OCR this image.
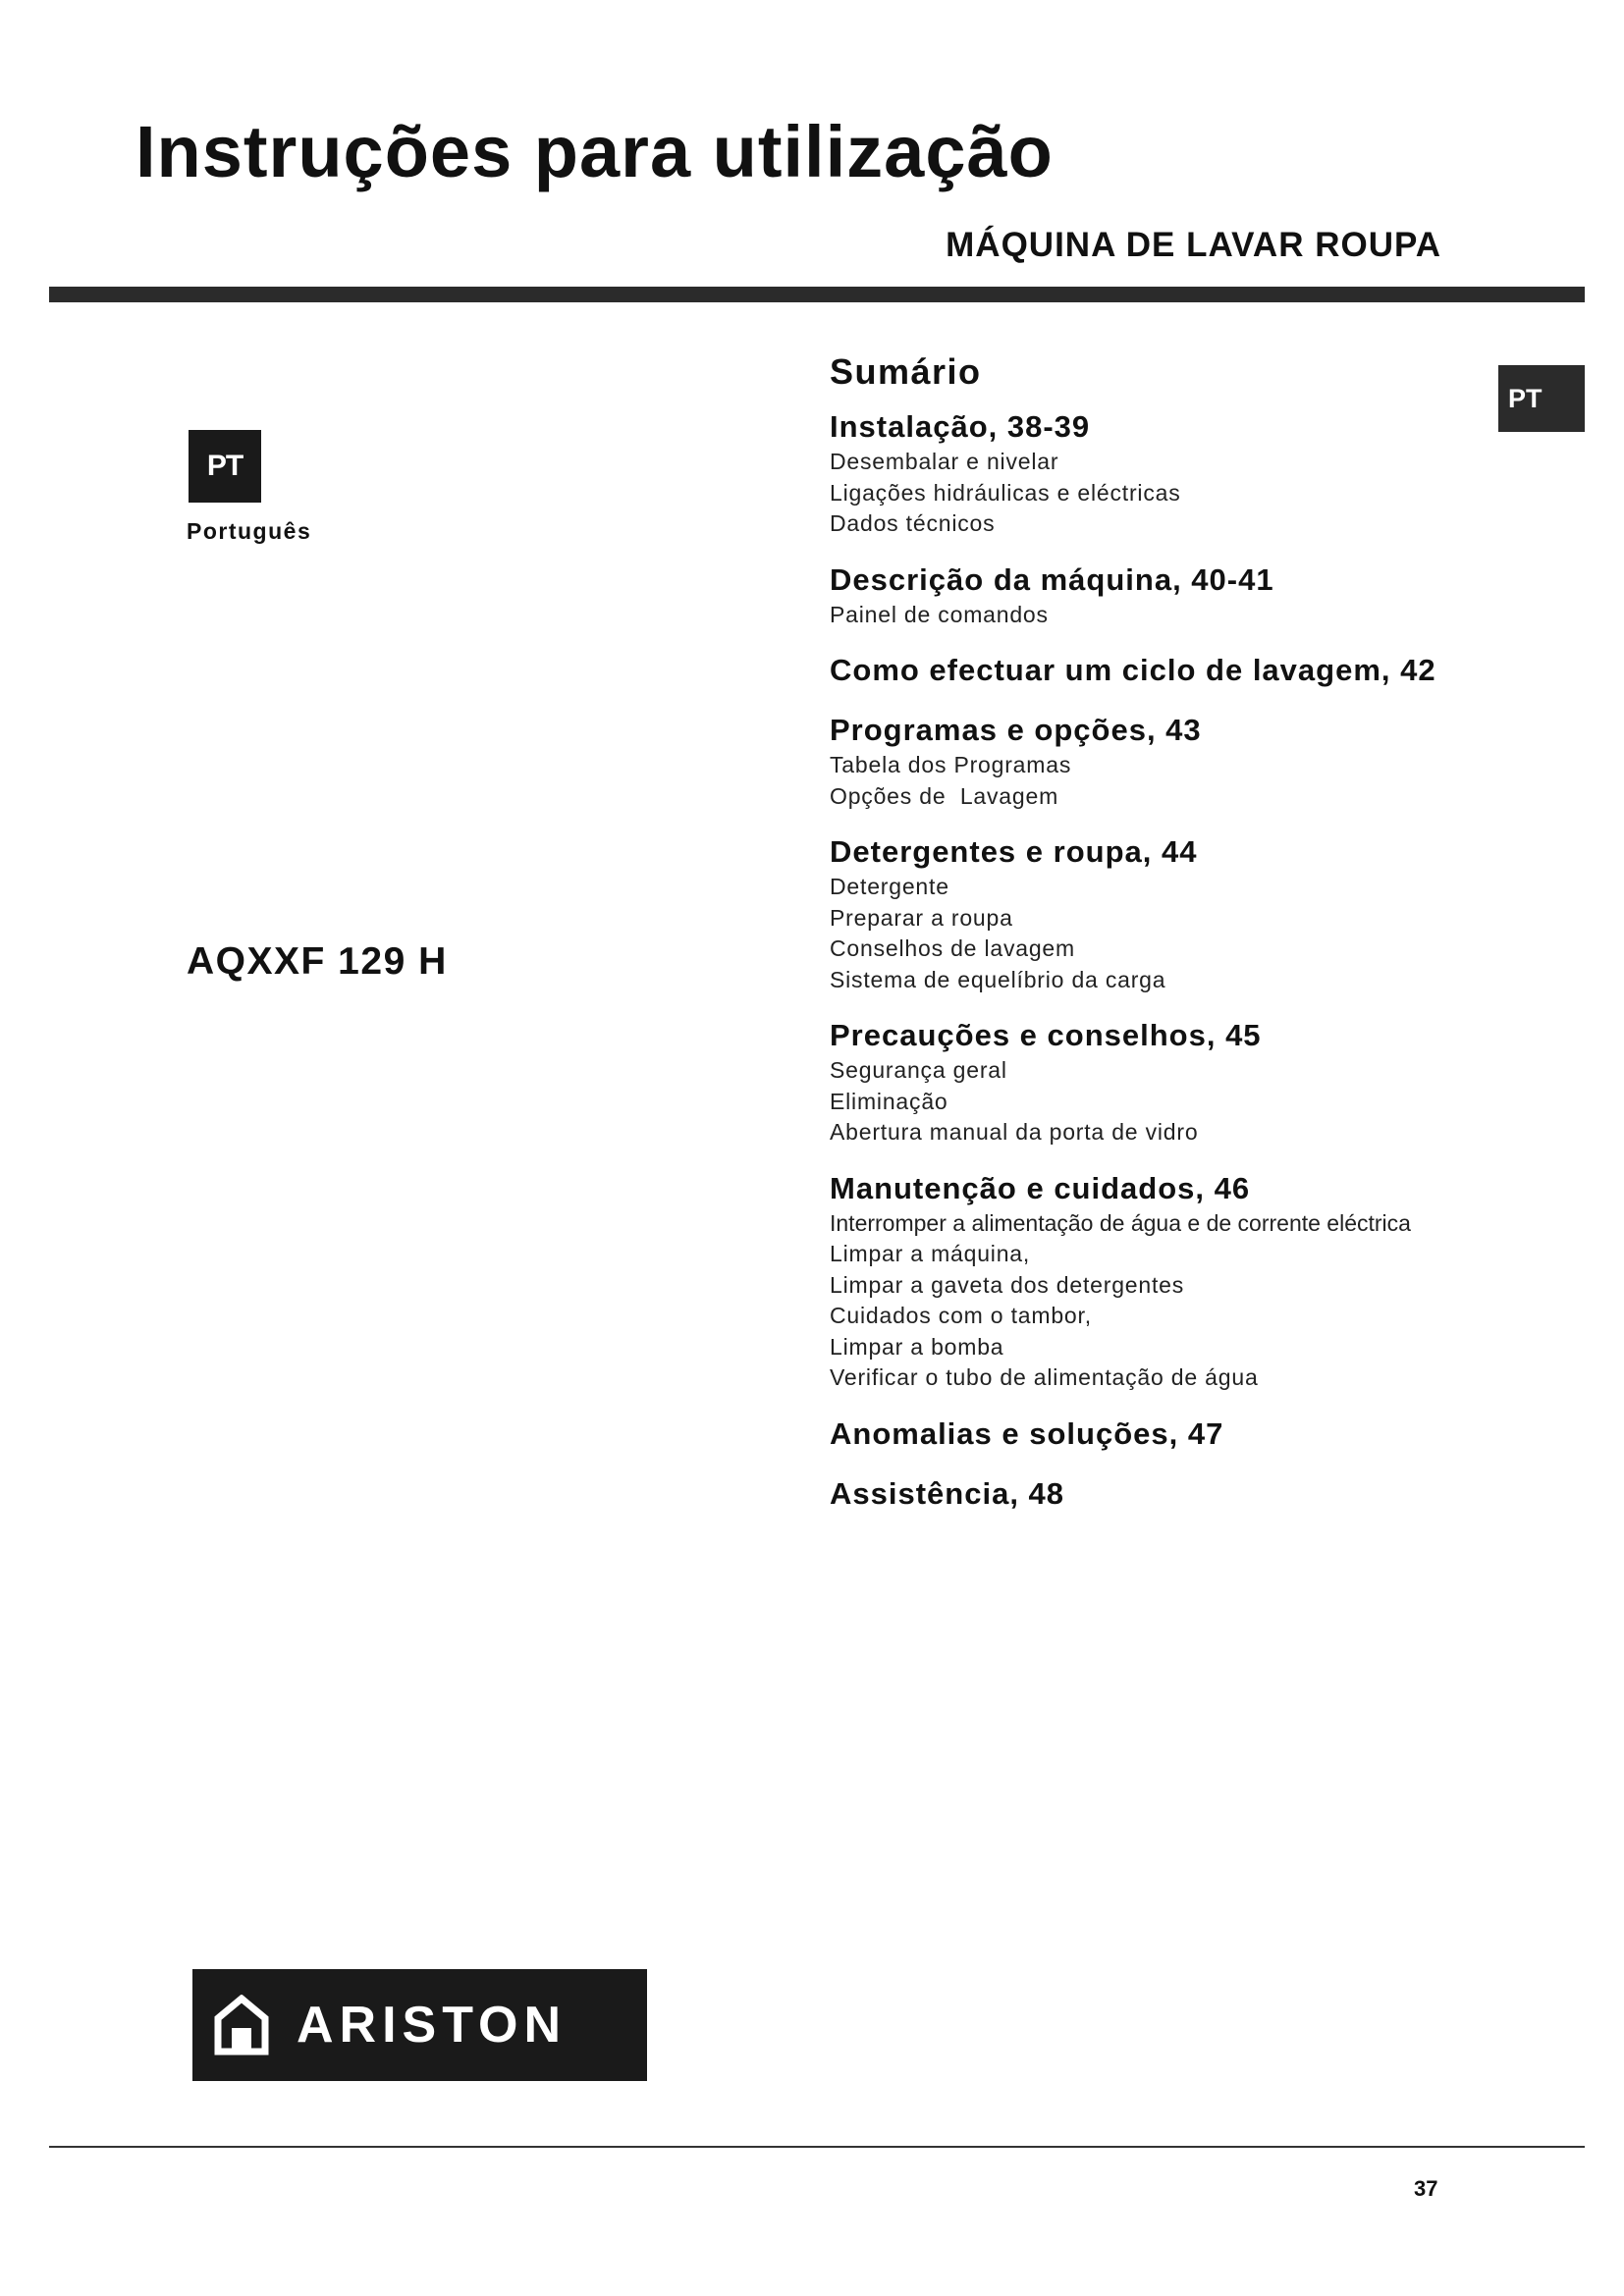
Instruções para utilização
MÁQUINA DE LAVAR ROUPA
PT
PT
Português
AQXXF 129 H
Sumário
Instalação, 38-39
Desembalar e nivelar
Ligações hidráulicas e eléctricas
Dados técnicos
Descrição da máquina, 40-41
Painel de comandos
Como efectuar um ciclo de lavagem, 42
Programas e opções, 43
Tabela dos Programas
Opções de  Lavagem
Detergentes e roupa, 44
Detergente
Preparar a roupa
Conselhos de lavagem
Sistema de equelíbrio da carga
Precauções e conselhos, 45
Segurança geral
Eliminação
Abertura manual da porta de vidro
Manutenção e cuidados, 46
Interromper a alimentação de água e de corrente eléctrica
Limpar a máquina,
Limpar a gaveta dos detergentes
Cuidados com o tambor,
Limpar a bomba
Verificar o tubo de alimentação de água
Anomalias e soluções, 47
Assistência, 48
ARISTON
37
